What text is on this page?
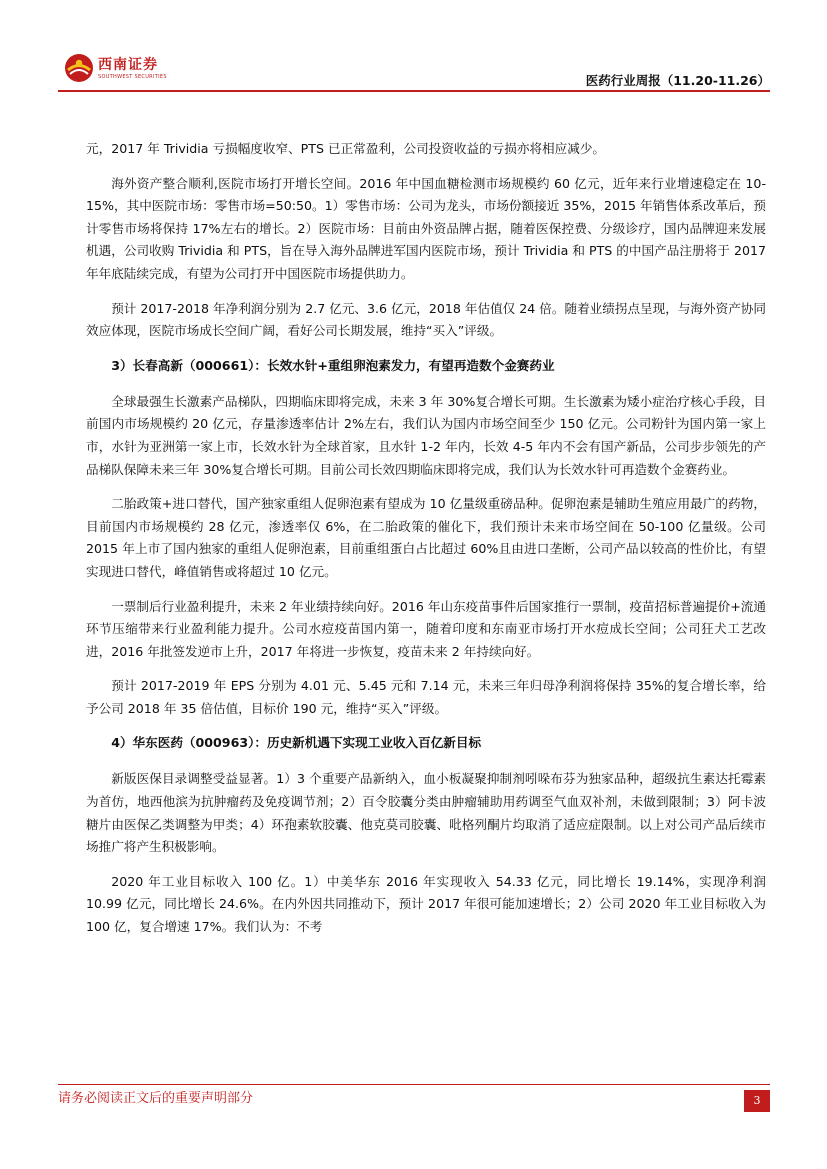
西南证券
SOUTHWEST SECURITIES	医药行业周报（11.20-11.26）

元，2017 年 Trividia 亏损幅度收窄、PTS 已正常盈利，公司投资收益的亏损亦将相应减少。

海外资产整合顺利,医院市场打开增长空间。2016 年中国血糖检测市场规模约 60 亿元，近年来行业增速稳定在 10-15%，其中医院市场：零售市场=50:50。1）零售市场：公司为龙头，市场份额接近 35%，2015 年销售体系改革后，预计零售市场将保持 17%左右的增长。2）医院市场：目前由外资品牌占据，随着医保控费、分级诊疗，国内品牌迎来发展机遇，公司收购 Trividia 和 PTS，旨在导入海外品牌进军国内医院市场，预计 Trividia 和 PTS 的中国产品注册将于 2017 年年底陆续完成，有望为公司打开中国医院市场提供助力。

预计 2017-2018 年净利润分别为 2.7 亿元、3.6 亿元，2018 年估值仅 24 倍。随着业绩拐点呈现，与海外资产协同效应体现，医院市场成长空间广阔，看好公司长期发展，维持“买入”评级。

3）长春高新（000661）：长效水针+重组卵泡素发力，有望再造数个金赛药业

全球最强生长激素产品梯队，四期临床即将完成，未来 3 年 30%复合增长可期。生长激素为矮小症治疗核心手段，目前国内市场规模约 20 亿元，存量渗透率估计 2%左右，我们认为国内市场空间至少 150 亿元。公司粉针为国内第一家上市，水针为亚洲第一家上市，长效水针为全球首家，且水针 1-2 年内，长效 4-5 年内不会有国产新品，公司步步领先的产品梯队保障未来三年 30%复合增长可期。目前公司长效四期临床即将完成，我们认为长效水针可再造数个金赛药业。

二胎政策+进口替代，国产独家重组人促卵泡素有望成为 10 亿量级重磅品种。促卵泡素是辅助生殖应用最广的药物，目前国内市场规模约 28 亿元，渗透率仅 6%，在二胎政策的催化下，我们预计未来市场空间在 50-100 亿量级。公司 2015 年上市了国内独家的重组人促卵泡素，目前重组蛋白占比超过 60%且由进口垄断，公司产品以较高的性价比，有望实现进口替代，峰值销售或将超过 10 亿元。

一票制后行业盈利提升，未来 2 年业绩持续向好。2016 年山东疫苗事件后国家推行一票制，疫苗招标普遍提价+流通环节压缩带来行业盈利能力提升。公司水痘疫苗国内第一，随着印度和东南亚市场打开水痘成长空间；公司狂犬工艺改进，2016 年批签发逆市上升，2017 年将进一步恢复，疫苗未来 2 年持续向好。

预计 2017-2019 年 EPS 分别为 4.01 元、5.45 元和 7.14 元，未来三年归母净利润将保持 35%的复合增长率，给予公司 2018 年 35 倍估值，目标价 190 元，维持“买入”评级。

4）华东医药（000963）：历史新机遇下实现工业收入百亿新目标

新版医保目录调整受益显著。1）3 个重要产品新纳入，血小板凝聚抑制剂吲哚布芬为独家品种，超级抗生素达托霉素为首仿，地西他滨为抗肿瘤药及免疫调节剂；2）百令胶囊分类由肿瘤辅助用药调至气血双补剂，未做到限制；3）阿卡波糖片由医保乙类调整为甲类；4）环孢素软胶囊、他克莫司胶囊、吡格列酮片均取消了适应症限制。以上对公司产品后续市场推广将产生积极影响。

2020 年工业目标收入 100 亿。1）中美华东 2016 年实现收入 54.33 亿元，同比增长 19.14%，实现净利润 10.99 亿元，同比增长 24.6%。在内外因共同推动下，预计 2017 年很可能加速增长；2）公司 2020 年工业目标收入为 100 亿，复合增速 17%。我们认为：不考

请务必阅读正文后的重要声明部分	3
